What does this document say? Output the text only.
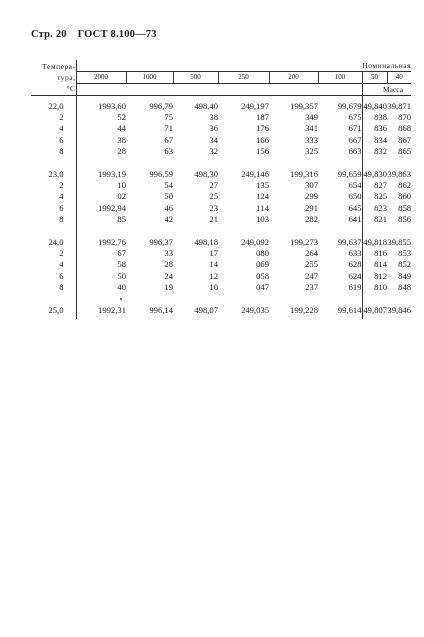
Стр. 20 ГОСТ 8.100—73
Темпера-
тура,
°C	Номинальная							
	2000	1000	500	250	200	100	50	40
							Масса	
22,0	1993,60	996,79	498,40	249,197	199,357	99,679	49,840	39,871
2	52	75	38	187	349	675	838	870
4	44	71	36	176	341	671	836	868
6	38	67	34	166	333	667	834	867
8	28	63	32	156	325	663	832	865

23,0	1993,19	996,59	498,30	249,146	199,316	99,659	49,830	39,863
2	10	54	27	135	307	654	827	862
4	02	50	25	124	299	650	825	860
6	1992,94	46	23	114	291	645	823	858
8	85	42	21	103	282	641	821	856

24,0	1992,76	996,37	498,18	249,092	199,273	99,637	49,818	39,855
2	67	33	17	080	264	633	816	853
4	58	28	14	069	255	628	814	852
6	50	24	12	058	247	624	812	849
8	40	19	10	047	237	619	810	848

25,0	1992,31	996,14	498,07	249,035	199,228	99,614	49,807	39,846
